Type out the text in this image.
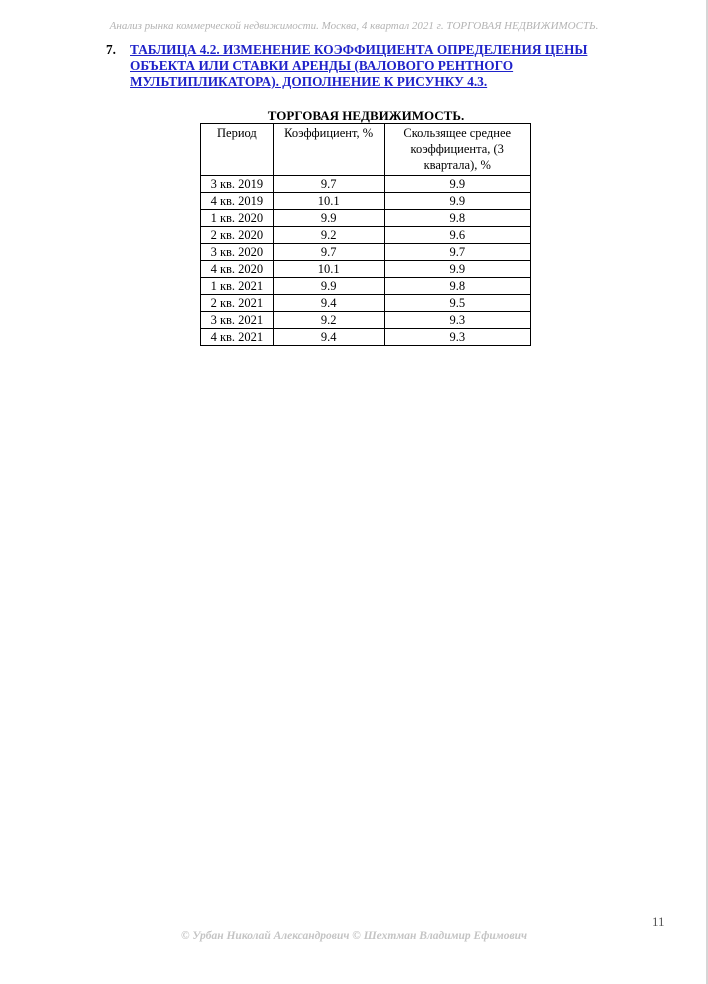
Анализ рынка коммерческой недвижимости. Москва, 4 квартал 2021 г. ТОРГОВАЯ НЕДВИЖИМОСТЬ.
7. ТАБЛИЦА 4.2. ИЗМЕНЕНИЕ КОЭФФИЦИЕНТА ОПРЕДЕЛЕНИЯ ЦЕНЫ ОБЪЕКТА ИЛИ СТАВКИ АРЕНДЫ (ВАЛОВОГО РЕНТНОГО МУЛЬТИПЛИКАТОРА). ДОПОЛНЕНИЕ К РИСУНКУ 4.3.
ТОРГОВАЯ НЕДВИЖИМОСТЬ.
Период	Коэффициент, %	Скользящее среднее коэффициента, (3 квартала), %
3 кв. 2019	9.7	9.9
4 кв. 2019	10.1	9.9
1 кв. 2020	9.9	9.8
2 кв. 2020	9.2	9.6
3 кв. 2020	9.7	9.7
4 кв. 2020	10.1	9.9
1 кв. 2021	9.9	9.8
2 кв. 2021	9.4	9.5
3 кв. 2021	9.2	9.3
4 кв. 2021	9.4	9.3
11
© Урбан Николай Александрович © Шехтман Владимир Ефимович
